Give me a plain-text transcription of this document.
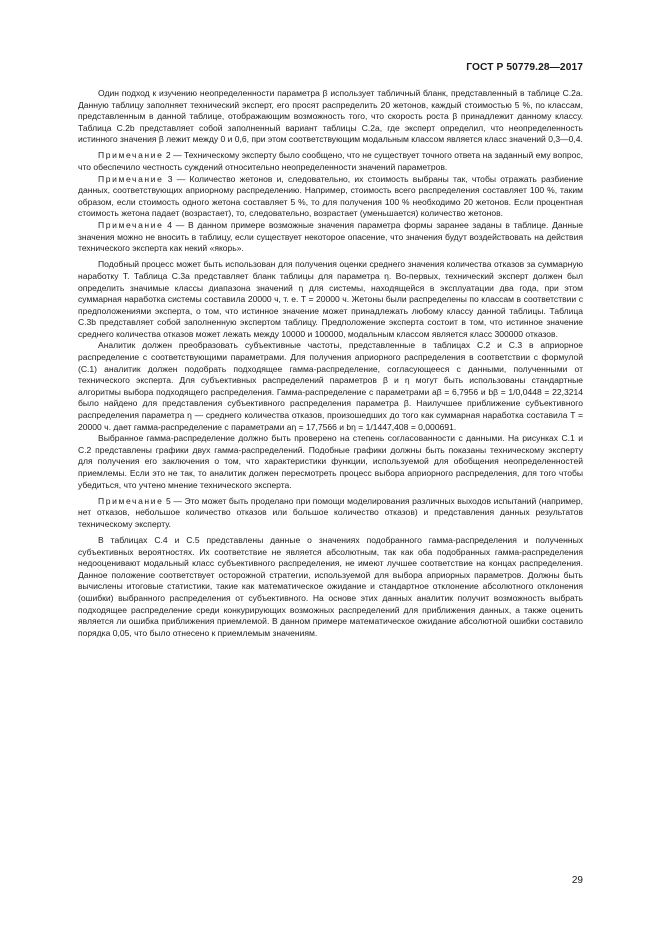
ГОСТ Р 50779.28—2017

Один подход к изучению неопределенности параметра β использует табличный бланк, представленный в таблице С.2а. Данную таблицу заполняет технический эксперт, его просят распределить 20 жетонов, каждый стоимостью 5 %, по классам, представленным в данной таблице, отображающим возможность того, что скорость роста β принадлежит данному классу. Таблица С.2b представляет собой заполненный вариант таблицы С.2а, где эксперт определил, что неопределенность истинного значения β лежит между 0 и 0,6, при этом соответствующим модальным классом является класс значений 0,3—0,4.

Примечание 2 — Техническому эксперту было сообщено, что не существует точного ответа на заданный ему вопрос, что обеспечило честность суждений относительно неопределенности значений параметров.

Примечание 3 — Количество жетонов и, следовательно, их стоимость выбраны так, чтобы отражать разбиение данных, соответствующих априорному распределению. Например, стоимость всего распределения составляет 100 %, таким образом, если стоимость одного жетона составляет 5 %, то для получения 100 % необходимо 20 жетонов. Если процентная стоимость жетона падает (возрастает), то, следовательно, возрастает (уменьшается) количество жетонов.

Примечание 4 — В данном примере возможные значения параметра формы заранее заданы в таблице. Данные значения можно не вносить в таблицу, если существует некоторое опасение, что значения будут воздействовать на действия технического эксперта как некий «якорь».

Подобный процесс может быть использован для получения оценки среднего значения количества отказов за суммарную наработку T. Таблица С.3а представляет бланк таблицы для параметра η. Во-первых, технический эксперт должен был определить значимые классы диапазона значений η для системы, находящейся в эксплуатации два года, при этом суммарная наработка системы составила 20000 ч, т. е. T = 20000 ч. Жетоны были распределены по классам в соответствии с предположениями эксперта, о том, что истинное значение может принадлежать любому классу данной таблицы. Таблица С.3b представляет собой заполненную экспертом таблицу. Предположение эксперта состоит в том, что истинное значение среднего количества отказов может лежать между 10000 и 100000, модальным классом является класс 300000 отказов.

Аналитик должен преобразовать субъективные частоты, представленные в таблицах С.2 и С.3 в априорное распределение с соответствующими параметрами. Для получения априорного распределения в соответствии с формулой (С.1) аналитик должен подобрать подходящее гамма-распределение, согласующееся с данными, полученными от технического эксперта. Для субъективных распределений параметров β и η могут быть использованы стандартные алгоритмы выбора подходящего распределения. Гамма-распределение с параметрами aβ = 6,7956 и bβ = 1/0,0448 = 22,3214 было найдено для представления субъективного распределения параметра β. Наилучшее приближение субъективного распределения параметра η — среднего количества отказов, произошедших до того как суммарная наработка составила T = 20000 ч. дает гамма-распределение с параметрами aη = 17,7566 и bη = 1/1447,408 = 0,000691.

Выбранное гамма-распределение должно быть проверено на степень согласованности с данными. На рисунках С.1 и С.2 представлены графики двух гамма-распределений. Подобные графики должны быть показаны техническому эксперту для получения его заключения о том, что характеристики функции, используемой для обобщения неопределенностей приемлемы. Если это не так, то аналитик должен пересмотреть процесс выбора априорного распределения, для того чтобы убедиться, что учтено мнение технического эксперта.

Примечание 5 — Это может быть проделано при помощи моделирования различных выходов испытаний (например, нет отказов, небольшое количество отказов или большое количество отказов) и представления данных результатов техническому эксперту.

В таблицах С.4 и С.5 представлены данные о значениях подобранного гамма-распределения и полученных субъективных вероятностях. Их соответствие не является абсолютным, так как оба подобранных гамма-распределения недооценивают модальный класс субъективного распределения, не имеют лучшее соответствие на концах распределения. Данное положение соответствует осторожной стратегии, используемой для выбора априорных параметров. Должны быть вычислены итоговые статистики, такие как математическое ожидание и стандартное отклонение абсолютного отклонения (ошибки) выбранного распределения от субъективного. На основе этих данных аналитик получит возможность выбрать подходящее распределение среди конкурирующих возможных распределений для приближения данных, а также оценить является ли ошибка приближения приемлемой. В данном примере математическое ожидание абсолютной ошибки составило порядка 0,05, что было отнесено к приемлемым значениям.

29
